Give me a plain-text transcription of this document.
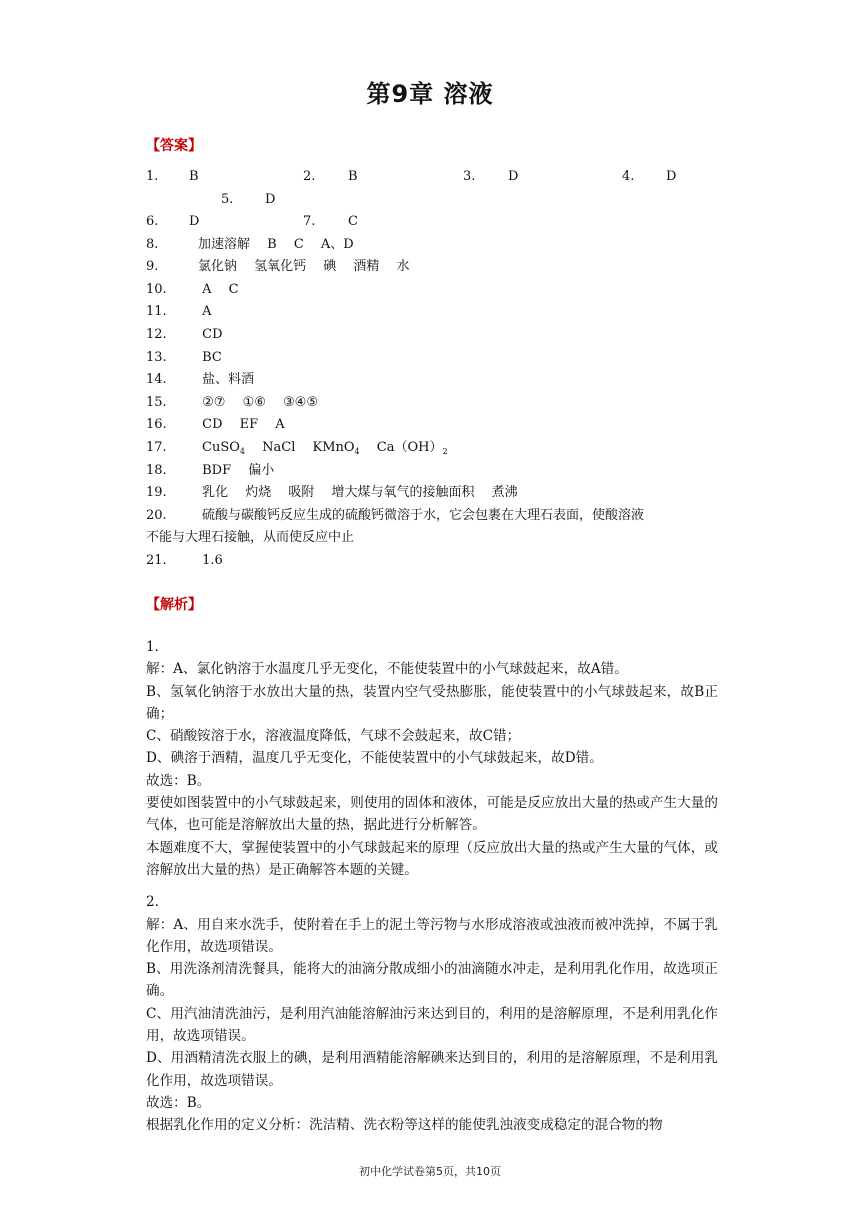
第9章 溶液
【答案】
1. B	2.	B	3.	D	4. D
5. D
6. D	7.	C
8.	加速溶解　 B　 C　 A、D
9.	氯化钠　 氢氧化钙　 碘　 酒精　 水
10. A　 C
11. A
12. CD
13. BC
14. 盐、料酒
15. ②⑦　 ①⑥　 ③④⑤
16. CD　 EF　 A
17.	CuSO$_4$　 NaCl　 KMnO$_4$　 $Ca(OH)_2$
18. BDF　 偏小
19. 乳化　 灼烧　 吸附　 增大煤与氧气的接触面积　 煮沸
20.	硫酸与碳酸钙反应生成的硫酸钙微溶于水，它会包裹在大理石表面，使酸溶液
不能与大理石接触，从而使反应中止
21. 1.6
【解析】

1.

解：A、氯化钠溶于水温度几乎无变化，不能使装置中的小气球鼓起来，故A错。

B、氢氧化钠溶于水放出大量的热，装置内空气受热膨胀，能使装置中的小气球鼓起来，故B正确；

C、硝酸铵溶于水，溶液温度降低，气球不会鼓起来，故C错；

D、碘溶于酒精，温度几乎无变化，不能使装置中的小气球鼓起来，故D错。

故选：B。

要使如图装置中的小气球鼓起来，则使用的固体和液体，可能是反应放出大量的热或产生大量的气体，也可能是溶解放出大量的热，据此进行分析解答。

本题难度不大，掌握使装置中的小气球鼓起来的原理（反应放出大量的热或产生大量的气体，或溶解放出大量的热）是正确解答本题的关键。

2.

解：A、用自来水洗手，使附着在手上的泥土等污物与水形成溶液或浊液而被冲洗掉，不属于乳化作用，故选项错误。

B、用洗涤剂清洗餐具，能将大的油滴分散成细小的油滴随水冲走，是利用乳化作用，故选项正确。

C、用汽油清洗油污，是利用汽油能溶解油污来达到目的，利用的是溶解原理，不是利用乳化作用，故选项错误。

D、用酒精清洗衣服上的碘，是利用酒精能溶解碘来达到目的，利用的是溶解原理，不是利用乳化作用，故选项错误。

故选：B。

根据乳化作用的定义分析：洗洁精、洗衣粉等这样的能使乳浊液变成稳定的混合物的物

初中化学试卷第5页，共10页
